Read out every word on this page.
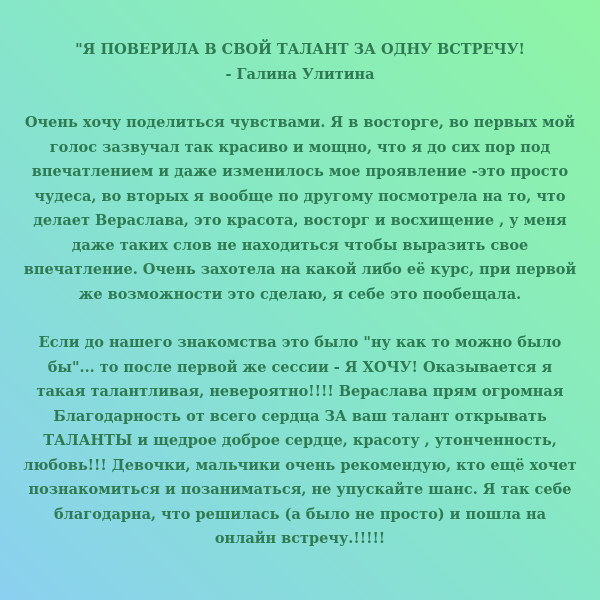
"Я ПОВЕРИЛА В СВОЙ ТАЛАНТ ЗА ОДНУ ВСТРЕЧУ!
- Галина Улитина

Очень хочу поделиться чувствами. Я в восторге, во первых мой голос зазвучал так красиво и мощно, что я до сих пор под впечатлением и даже изменилось мое проявление -это просто чудеса, во вторых я вообще по другому посмотрела на то, что делает Верaслава, это красота, восторг и восхищение , у меня даже таких слов не находиться чтобы выразить свое впечатление. Очень захотела на какой либо её курс, при первой же возможности это сделаю, я себе это пообещала.

Если до нашего знакомства это было "ну как то можно было бы"... то после первой же сессии - Я ХОЧУ! Оказывается я такая талантливая, невероятно!!!! Верaслава прям огромная Благодарность от всего сердца ЗА ваш талант открывать ТАЛАНТЫ и щедрое доброе сердце, красоту , утонченность, любовь!!! Девочки, мальчики очень рекомендую, кто ещё хочет познакомиться и позаниматься, не упускайте шанс. Я так себе благодарна, что решилась (а было не просто) и пошла на онлайн встречу.!!!!!
